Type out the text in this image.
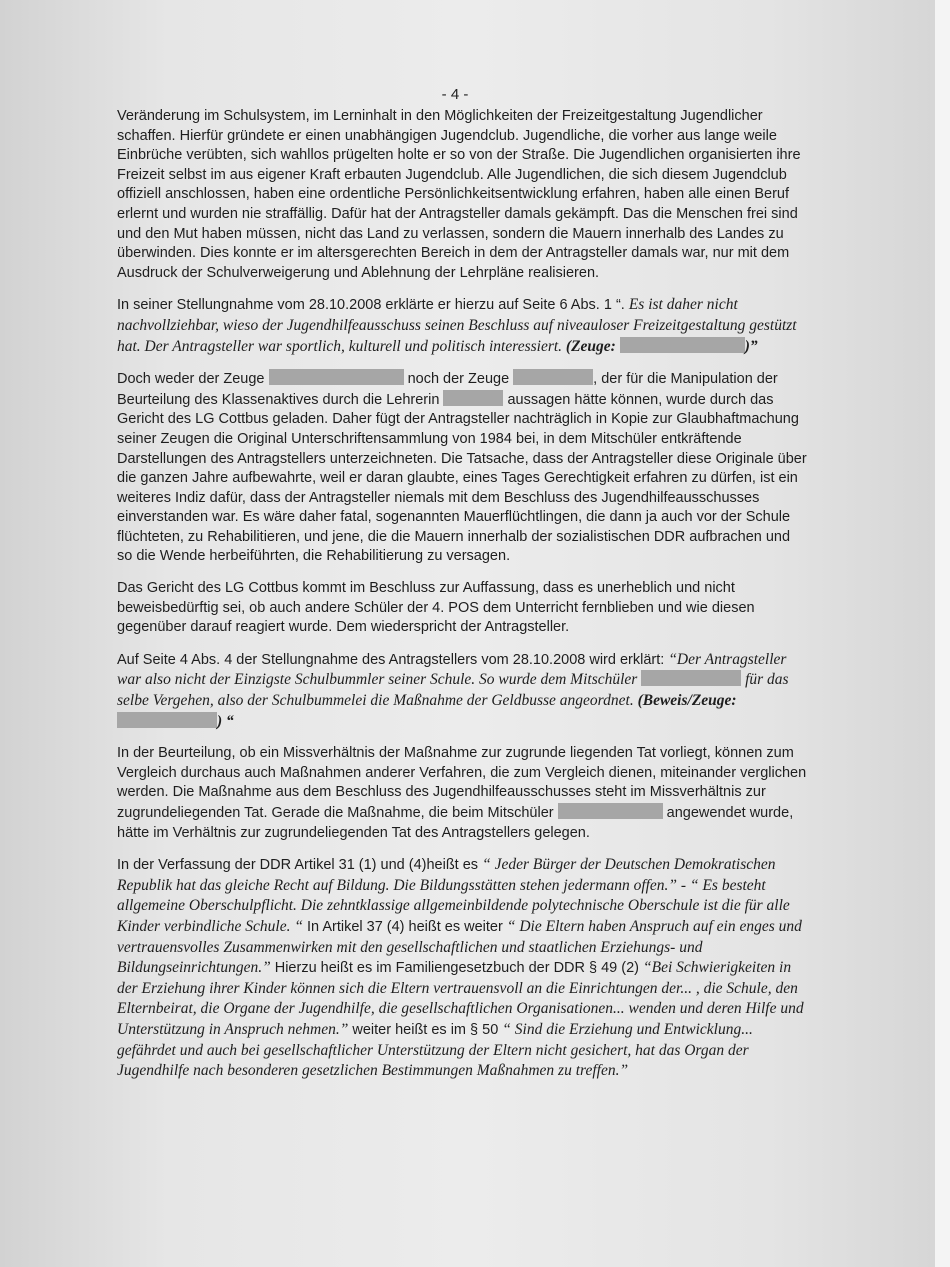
- 4 -

Veränderung im Schulsystem, im Lerninhalt in den Möglichkeiten der Freizeitgestaltung Jugendlicher schaffen. Hierfür gründete er einen unabhängigen Jugendclub. Jugendliche, die vorher aus lange weile Einbrüche verübten, sich wahllos prügelten holte er so von der Straße. Die Jugendlichen organisierten ihre Freizeit selbst im aus eigener Kraft erbauten Jugendclub. Alle Jugendlichen, die sich diesem Jugendclub offiziell anschlossen, haben eine ordentliche Persönlichkeitsentwicklung erfahren, haben alle einen Beruf erlernt und wurden nie straffällig. Dafür hat der Antragsteller damals gekämpft. Das die Menschen frei sind und den Mut haben müssen, nicht das Land zu verlassen, sondern die Mauern innerhalb des Landes zu überwinden. Dies konnte er im altersgerechten Bereich in dem der Antragsteller damals war, nur mit dem Ausdruck der Schulverweigerung und Ablehnung der Lehrpläne realisieren.

In seiner Stellungnahme vom 28.10.2008 erklärte er hierzu auf Seite 6 Abs. 1 “. Es ist daher nicht nachvollziehbar, wieso der Jugendhilfeausschuss seinen Beschluss auf niveauloser Freizeitgestaltung gestützt hat. Der Antragsteller war sportlich, kulturell und politisch interessiert. (Zeuge:	)”

Doch weder der Zeuge	noch der Zeuge	, der für die Manipulation der Beurteilung des Klassenaktives durch die Lehrerin	aussagen hätte können, wurde durch das Gericht des LG Cottbus geladen. Daher fügt der Antragsteller nachträglich in Kopie zur Glaubhaftmachung seiner Zeugen die Original Unterschriftensammlung von 1984 bei, in dem Mitschüler entkräftende Darstellungen des Antragstellers unterzeichneten. Die Tatsache, dass der Antragsteller diese Originale über die ganzen Jahre aufbewahrte, weil er daran glaubte, eines Tages Gerechtigkeit erfahren zu dürfen, ist ein weiteres Indiz dafür, dass der Antragsteller niemals mit dem Beschluss des Jugendhilfeausschusses einverstanden war. Es wäre daher fatal, sogenannten Mauerflüchtlingen, die dann ja auch vor der Schule flüchteten, zu Rehabilitieren, und jene, die die Mauern innerhalb der sozialistischen DDR aufbrachen und so die Wende herbeiführten, die Rehabilitierung zu versagen.

Das Gericht des LG Cottbus kommt im Beschluss zur Auffassung, dass es unerheblich und nicht beweisbedürftig sei, ob auch andere Schüler der 4. POS dem Unterricht fernblieben und wie diesen gegenüber darauf reagiert wurde. Dem wiederspricht der Antragsteller.

Auf Seite 4 Abs. 4 der Stellungnahme des Antragstellers vom 28.10.2008 wird erklärt: “Der Antragsteller war also nicht der Einzigste Schulbummler seiner Schule. So wurde dem Mitschüler	für das selbe Vergehen, also der Schulbummelei die Maßnahme der Geldbusse angeordnet. (Beweis/Zeuge: ) “

In der Beurteilung, ob ein Missverhältnis der Maßnahme zur zugrunde liegenden Tat vorliegt, können zum Vergleich durchaus auch Maßnahmen anderer Verfahren, die zum Vergleich dienen, miteinander verglichen werden. Die Maßnahme aus dem Beschluss des Jugendhilfeausschusses steht im Missverhältnis zur zugrundeliegenden Tat. Gerade die Maßnahme, die beim Mitschüler	angewendet wurde, hätte im Verhältnis zur zugrundeliegenden Tat des Antragstellers gelegen.

In der Verfassung der DDR Artikel 31 (1) und (4)heißt es “ Jeder Bürger der Deutschen Demokratischen Republik hat das gleiche Recht auf Bildung. Die Bildungsstätten stehen jedermann offen.” - “ Es besteht allgemeine Oberschulpflicht. Die zehntklassige allgemeinbildende polytechnische Oberschule ist die für alle Kinder verbindliche Schule. “ In Artikel 37 (4) heißt es weiter “ Die Eltern haben Anspruch auf ein enges und vertrauensvolles Zusammenwirken mit den gesellschaftlichen und staatlichen Erziehungs- und Bildungseinrichtungen.” Hierzu heißt es im Familiengesetzbuch der DDR § 49 (2) “Bei Schwierigkeiten in der Erziehung ihrer Kinder können sich die Eltern vertrauensvoll an die Einrichtungen der... , die Schule, den Elternbeirat, die Organe der Jugendhilfe, die gesellschaftlichen Organisationen... wenden und deren Hilfe und Unterstützung in Anspruch nehmen.” weiter heißt es im § 50 “ Sind die Erziehung und Entwicklung... gefährdet und auch bei gesellschaftlicher Unterstützung der Eltern nicht gesichert, hat das Organ der Jugendhilfe nach besonderen gesetzlichen Bestimmungen Maßnahmen zu treffen.”
